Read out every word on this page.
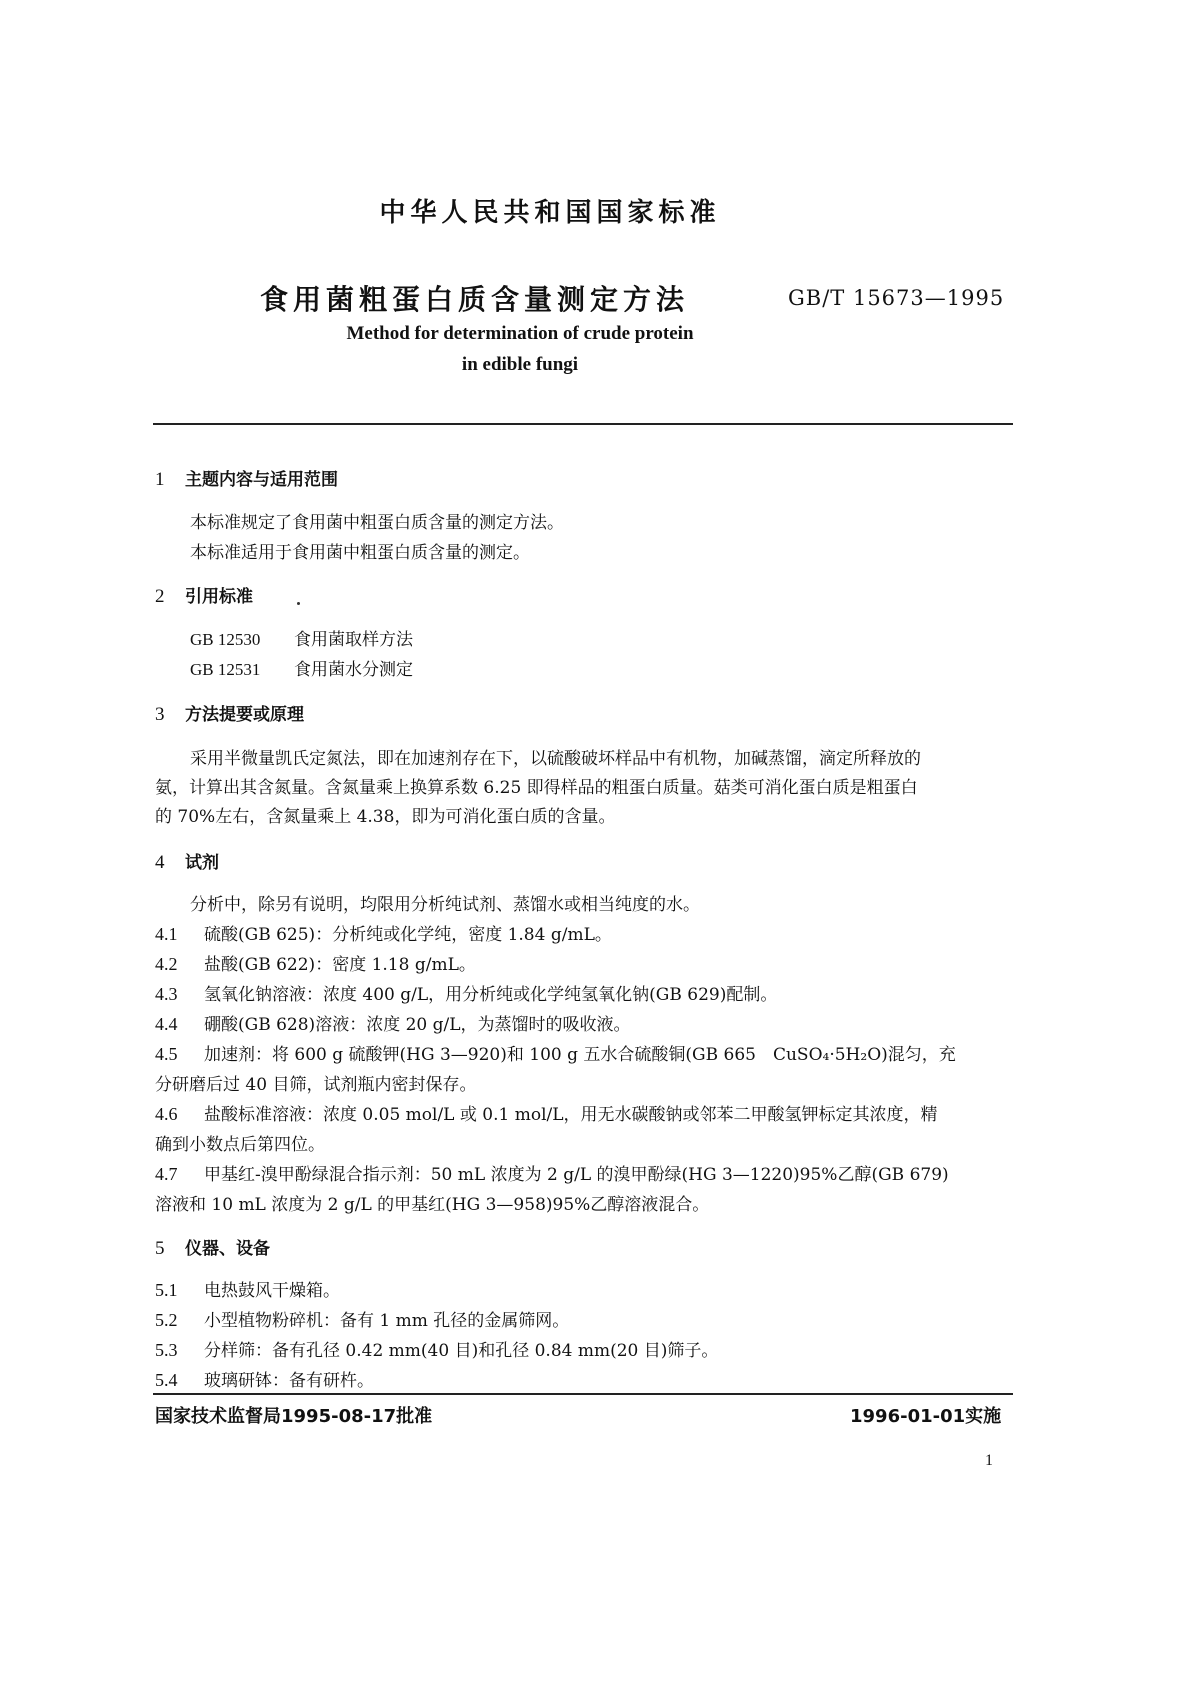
中华人民共和国国家标准
食用菌粗蛋白质含量测定方法	GB/T 15673—1995
Method for determination of crude protein
in edible fungi
1 主题内容与适用范围
本标准规定了食用菌中粗蛋白质含量的测定方法。
本标准适用于食用菌中粗蛋白质含量的测定。
2 引用标准
GB 12530 食用菌取样方法
GB 12531 食用菌水分测定
3 方法提要或原理
采用半微量凯氏定氮法，即在加速剂存在下，以硫酸破坏样品中有机物，加碱蒸馏，滴定所释放的
氨，计算出其含氮量。含氮量乘上换算系数 6.25 即得样品的粗蛋白质量。菇类可消化蛋白质是粗蛋白
的 70%左右，含氮量乘上 4.38，即为可消化蛋白质的含量。
4 试剂
分析中，除另有说明，均限用分析纯试剂、蒸馏水或相当纯度的水。
4.1 硫酸(GB 625)：分析纯或化学纯，密度 1.84 g/mL。
4.2 盐酸(GB 622)：密度 1.18 g/mL。
4.3 氢氧化钠溶液：浓度 400 g/L，用分析纯或化学纯氢氧化钠(GB 629)配制。
4.4 硼酸(GB 628)溶液：浓度 20 g/L，为蒸馏时的吸收液。
4.5 加速剂：将 600 g 硫酸钾(HG 3—920)和 100 g 五水合硫酸铜(GB 665　CuSO₄·5H₂O)混匀，充
分研磨后过 40 目筛，试剂瓶内密封保存。
4.6 盐酸标准溶液：浓度 0.05 mol/L 或 0.1 mol/L，用无水碳酸钠或邻苯二甲酸氢钾标定其浓度，精
确到小数点后第四位。
4.7 甲基红-溴甲酚绿混合指示剂：50 mL 浓度为 2 g/L 的溴甲酚绿(HG 3—1220)95%乙醇(GB 679)
溶液和 10 mL 浓度为 2 g/L 的甲基红(HG 3—958)95%乙醇溶液混合。
5 仪器、设备
5.1 电热鼓风干燥箱。
5.2 小型植物粉碎机：备有 1 mm 孔径的金属筛网。
5.3 分样筛：备有孔径 0.42 mm(40 目)和孔径 0.84 mm(20 目)筛子。
5.4 玻璃研钵：备有研杵。
国家技术监督局1995-08-17批准	1996-01-01实施
1
